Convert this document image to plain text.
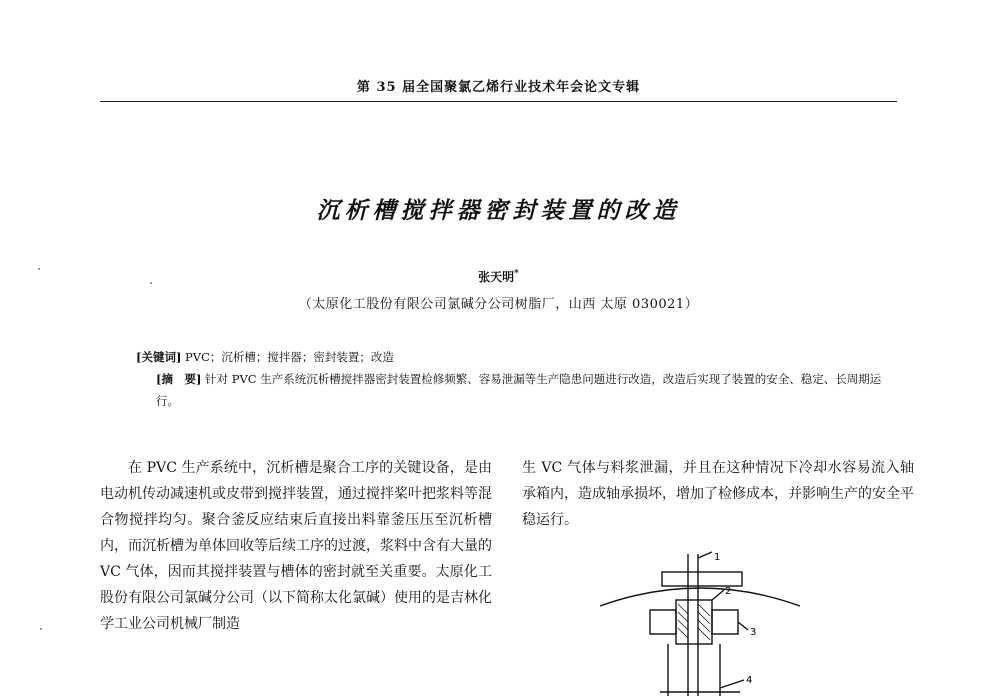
第 35 届全国聚氯乙烯行业技术年会论文专辑
沉析槽搅拌器密封装置的改造
张天明*
（太原化工股份有限公司氯碱分公司树脂厂，山西 太原 030021）
[关键词] PVC；沉析槽；搅拌器；密封装置；改造
[摘　要] 针对 PVC 生产系统沉析槽搅拌器密封装置检修频繁、容易泄漏等生产隐患问题进行改造，改造后实现了装置的安全、稳定、长周期运行。
在 PVC 生产系统中，沉析槽是聚合工序的关键设备，是由电动机传动减速机或皮带到搅拌装置，通过搅拌桨叶把浆料等混合物搅拌均匀。聚合釜反应结束后直接出料靠釜压压至沉析槽内，而沉析槽为单体回收等后续工序的过渡，浆料中含有大量的 VC 气体，因而其搅拌装置与槽体的密封就至关重要。太原化工股份有限公司氯碱分公司（以下简称太化氯碱）使用的是吉林化学工业公司机械厂制造
生 VC 气体与料浆泄漏，并且在这种情况下冷却水容易流入轴承箱内，造成轴承损坏，增加了检修成本，并影响生产的安全平稳运行。
1
2
3
4
